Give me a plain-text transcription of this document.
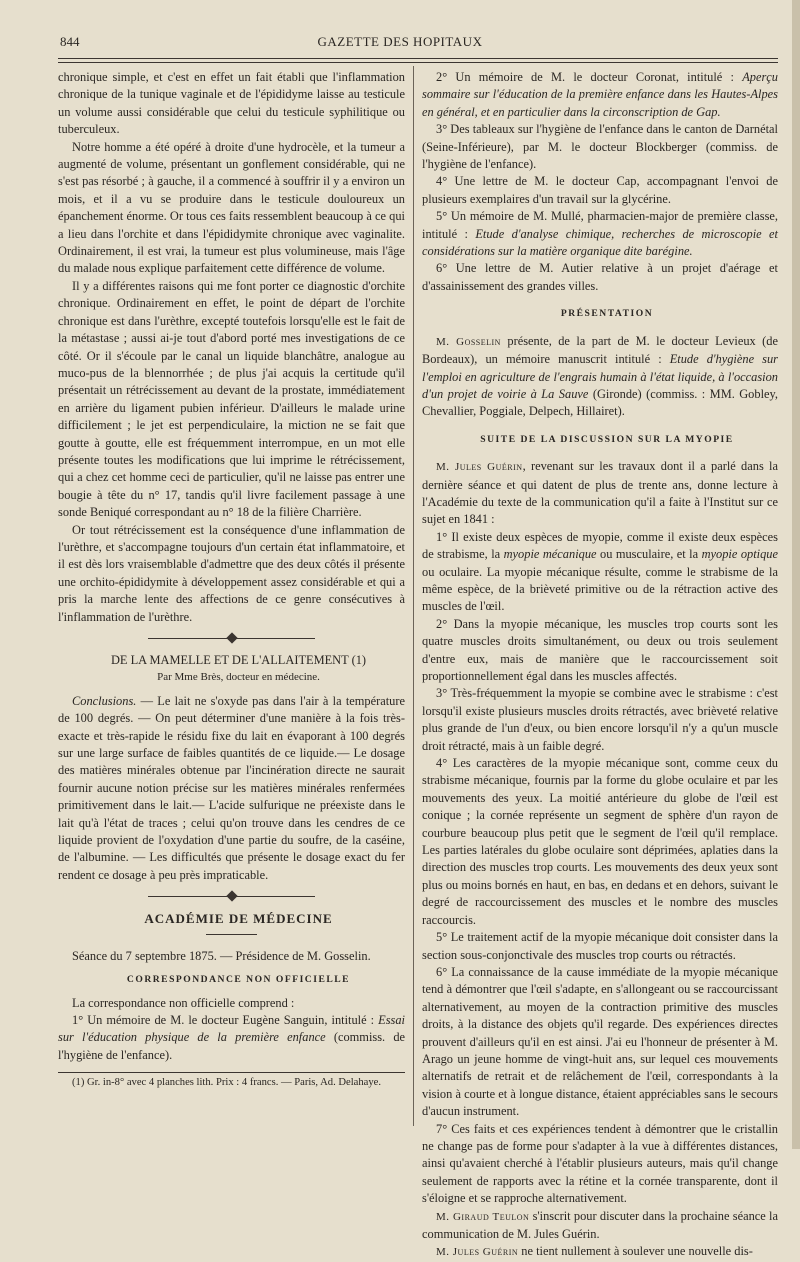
844	GAZETTE DES HOPITAUX

chronique simple, et c'est en effet un fait établi que l'inflammation chronique de la tunique vaginale et de l'épididyme laisse au testicule un volume aussi considérable que celui du testicule syphilitique ou tuberculeux.

Notre homme a été opéré à droite d'une hydrocèle, et la tumeur a augmenté de volume, présentant un gonflement considérable, qui ne s'est pas résorbé ; à gauche, il a commencé à souffrir il y a environ un mois, et il a vu se produire dans le testicule douloureux un épanchement énorme. Or tous ces faits ressemblent beaucoup à ce qui a lieu dans l'orchite et dans l'épididymite chronique avec vaginalite. Ordinairement, il est vrai, la tumeur est plus volumineuse, mais l'âge du malade nous explique parfaitement cette différence de volume.

Il y a différentes raisons qui me font porter ce diagnostic d'orchite chronique. Ordinairement en effet, le point de départ de l'orchite chronique est dans l'urèthre, excepté toutefois lorsqu'elle est le fait de la métastase ; aussi ai-je tout d'abord porté mes investigations de ce côté. Or il s'écoule par le canal un liquide blanchâtre, analogue au muco-pus de la blennorrhée ; de plus j'ai acquis la certitude qu'il présentait un rétrécissement au devant de la prostate, immédiatement en arrière du ligament pubien inférieur. D'ailleurs le malade urine difficilement ; le jet est perpendiculaire, la miction ne se fait que goutte à goutte, elle est fréquemment interrompue, en un mot elle présente toutes les modifications que lui imprime le rétrécissement, qui a chez cet homme ceci de particulier, qu'il ne laisse pas entrer une bougie à tête du n° 17, tandis qu'il livre facilement passage à une sonde Beniqué correspondant au n° 18 de la filière Charrière.

Or tout rétrécissement est la conséquence d'une inflammation de l'urèthre, et s'accompagne toujours d'un certain état inflammatoire, et il est dès lors vraisemblable d'admettre que des deux côtés il présente une orchito-épididymite à développement assez considérable et qui a pris la marche lente des affections de ce genre consécutives à l'inflammation de l'urèthre.

DE LA MAMELLE ET DE L'ALLAITEMENT (1)

Par Mme Brès, docteur en médecine.

Conclusions. — Le lait ne s'oxyde pas dans l'air à la température de 100 degrés. — On peut déterminer d'une manière à la fois très-exacte et très-rapide le résidu fixe du lait en évaporant à 100 degrés sur une large surface de faibles quantités de ce liquide.— Le dosage des matières minérales obtenue par l'incinération directe ne saurait fournir aucune notion précise sur les matières minérales renfermées primitivement dans le lait.— L'acide sulfurique ne préexiste dans le lait qu'à l'état de traces ; celui qu'on trouve dans les cendres de ce liquide provient de l'oxydation d'une partie du soufre, de la caséine, de l'albumine. — Les difficultés que présente le dosage exact du fer rendent ce dosage à peu près impraticable.

ACADÉMIE DE MÉDECINE

Séance du 7 septembre 1875. — Présidence de M. Gosselin.

CORRESPONDANCE NON OFFICIELLE

La correspondance non officielle comprend :

1° Un mémoire de M. le docteur Eugène Sanguin, intitulé : Essai sur l'éducation physique de la première enfance (commiss. de l'hygiène de l'enfance).

(1) Gr. in-8° avec 4 planches lith. Prix : 4 francs. — Paris, Ad. Delahaye.

2° Un mémoire de M. le docteur Coronat, intitulé : Aperçu sommaire sur l'éducation de la première enfance dans les Hautes-Alpes en général, et en particulier dans la circonscription de Gap.

3° Des tableaux sur l'hygiène de l'enfance dans le canton de Darnétal (Seine-Inférieure), par M. le docteur Blockberger (commiss. de l'hygiène de l'enfance).

4° Une lettre de M. le docteur Cap, accompagnant l'envoi de plusieurs exemplaires d'un travail sur la glycérine.

5° Un mémoire de M. Mullé, pharmacien-major de première classe, intitulé : Etude d'analyse chimique, recherches de microscopie et considérations sur la matière organique dite barégine.

6° Une lettre de M. Autier relative à un projet d'aérage et d'assainissement des grandes villes.

PRÉSENTATION

M. Gosselin présente, de la part de M. le docteur Levieux (de Bordeaux), un mémoire manuscrit intitulé : Etude d'hygiène sur l'emploi en agriculture de l'engrais humain à l'état liquide, à l'occasion d'un projet de voirie à La Sauve (Gironde) (commiss. : MM. Gobley, Chevallier, Poggiale, Delpech, Hillairet).

SUITE DE LA DISCUSSION SUR LA MYOPIE

M. Jules Guérin, revenant sur les travaux dont il a parlé dans la dernière séance et qui datent de plus de trente ans, donne lecture à l'Académie du texte de la communication qu'il a faite à l'Institut sur ce sujet en 1841 :

1° Il existe deux espèces de myopie, comme il existe deux espèces de strabisme, la myopie mécanique ou musculaire, et la myopie optique ou oculaire. La myopie mécanique résulte, comme le strabisme de la même espèce, de la brièveté primitive ou de la rétraction active des muscles de l'œil.

2° Dans la myopie mécanique, les muscles trop courts sont les quatre muscles droits simultanément, ou deux ou trois seulement d'entre eux, mais de manière que le raccourcissement soit proportionnellement égal dans les muscles affectés.

3° Très-fréquemment la myopie se combine avec le strabisme : c'est lorsqu'il existe plusieurs muscles droits rétractés, avec brièveté relative plus grande de l'un d'eux, ou bien encore lorsqu'il n'y a qu'un muscle droit rétracté, mais à un faible degré.

4° Les caractères de la myopie mécanique sont, comme ceux du strabisme mécanique, fournis par la forme du globe oculaire et par les mouvements des yeux. La moitié antérieure du globe de l'œil est conique ; la cornée représente un segment de sphère d'un rayon de courbure beaucoup plus petit que le segment de l'œil qu'il remplace. Les parties latérales du globe oculaire sont déprimées, aplaties dans la direction des muscles trop courts. Les mouvements des deux yeux sont plus ou moins bornés en haut, en bas, en dedans et en dehors, suivant le degré de raccourcissement des muscles et le nombre des muscles raccourcis.

5° Le traitement actif de la myopie mécanique doit consister dans la section sous-conjonctivale des muscles trop courts ou rétractés.

6° La connaissance de la cause immédiate de la myopie mécanique tend à démontrer que l'œil s'adapte, en s'allongeant ou se raccourcissant alternativement, au moyen de la contraction primitive des muscles droits, à la distance des objets qu'il regarde. Des expériences directes prouvent d'ailleurs qu'il en est ainsi. J'ai eu l'honneur de présenter à M. Arago un jeune homme de vingt-huit ans, sur lequel ces mouvements alternatifs de retrait et de relâchement de l'œil, correspondants à la vision à courte et à longue distance, étaient appréciables sans le secours d'aucun instrument.

7° Ces faits et ces expériences tendent à démontrer que le cristallin ne change pas de forme pour s'adapter à la vue à différentes distances, ainsi qu'avaient cherché à l'établir plusieurs auteurs, mais qu'il change seulement de rapports avec la rétine et la cornée transparente, dont il s'éloigne et se rapproche alternativement.

M. Giraud Teulon s'inscrit pour discuter dans la prochaine séance la communication de M. Jules Guérin.

M. Jules Guérin ne tient nullement à soulever une nouvelle dis-
